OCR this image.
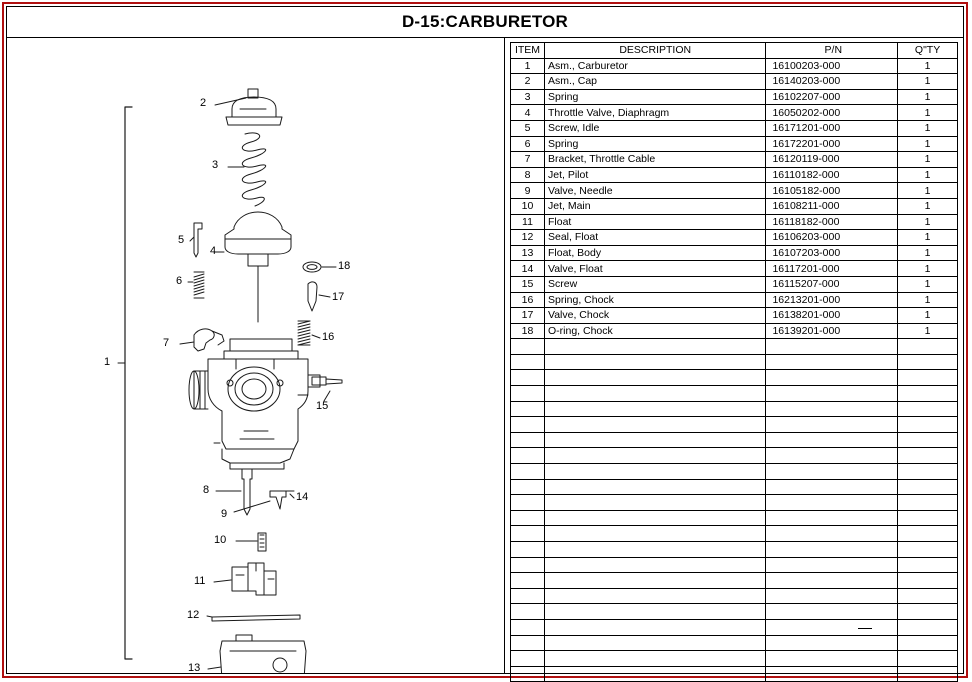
D-15:CARBURETOR
1
2
3
4
5
6
7
8
9
10
11
12
13
14
15
16
17
18
ITEM	DESCRIPTION	P/N	Q"TY
1	Asm., Carburetor	16100203-000	1
2	Asm., Cap	16140203-000	1
3	Spring	16102207-000	1
4	Throttle Valve, Diaphragm	16050202-000	1
5	Screw, Idle	16171201-000	1
6	Spring	16172201-000	1
7	Bracket, Throttle Cable	16120119-000	1
8	Jet, Pilot	16110182-000	1
9	Valve, Needle	16105182-000	1
10	Jet, Main	16108211-000	1
11	Float	16118182-000	1
12	Seal, Float	16106203-000	1
13	Float, Body	16107203-000	1
14	Valve, Float	16117201-000	1
15	Screw	16115207-000	1
16	Spring, Chock	16213201-000	1
17	Valve, Chock	16138201-000	1
18	O-ring, Chock	16139201-000	1
